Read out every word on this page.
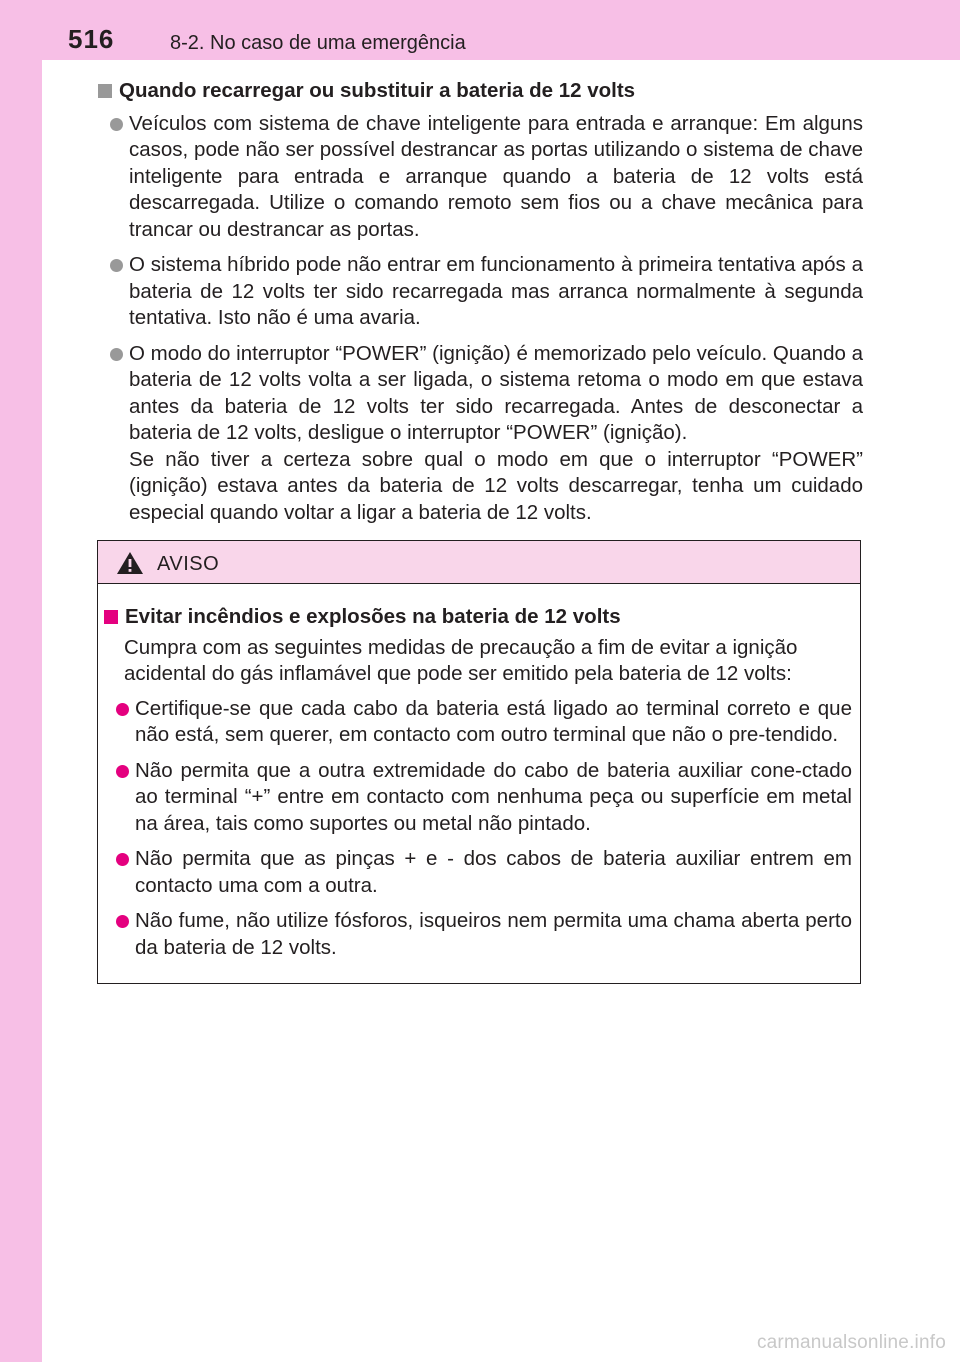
516	8-2. No caso de uma emergência
Quando recarregar ou substituir a bateria de 12 volts
Veículos com sistema de chave inteligente para entrada e arranque: Em alguns casos, pode não ser possível destrancar as portas utilizando o sistema de chave inteligente para entrada e arranque quando a bateria de 12 volts está descarregada. Utilize o comando remoto sem fios ou a chave mecânica para trancar ou destrancar as portas.
O sistema híbrido pode não entrar em funcionamento à primeira tentativa após a bateria de 12 volts ter sido recarregada mas arranca normalmente à segunda tentativa. Isto não é uma avaria.

O modo do interruptor “POWER” (ignição) é memorizado pelo veículo. Quando a bateria de 12 volts volta a ser ligada, o sistema retoma o modo em que estava antes da bateria de 12 volts ter sido recarregada. Antes de desconectar a bateria de 12 volts, desligue o interruptor “POWER” (ignição).

Se não tiver a certeza sobre qual o modo em que o interruptor “POWER” (ignição) estava antes da bateria de 12 volts descarregar, tenha um cuidado especial quando voltar a ligar a bateria de 12 volts.

AVISO
Evitar incêndios e explosões na bateria de 12 volts

Cumpra com as seguintes medidas de precaução a fim de evitar a ignição acidental do gás inflamável que pode ser emitido pela bateria de 12 volts:

Certifique-se que cada cabo da bateria está ligado ao terminal correto e que não está, sem querer, em contacto com outro terminal que não o pre-tendido.
Não permita que a outra extremidade do cabo de bateria auxiliar cone-ctado ao terminal “+” entre em contacto com nenhuma peça ou superfície em metal na área, tais como suportes ou metal não pintado.
Não permita que as pinças + e - dos cabos de bateria auxiliar entrem em contacto uma com a outra.
Não fume, não utilize fósforos, isqueiros nem permita uma chama aberta perto da bateria de 12 volts.
carmanualsonline.info
